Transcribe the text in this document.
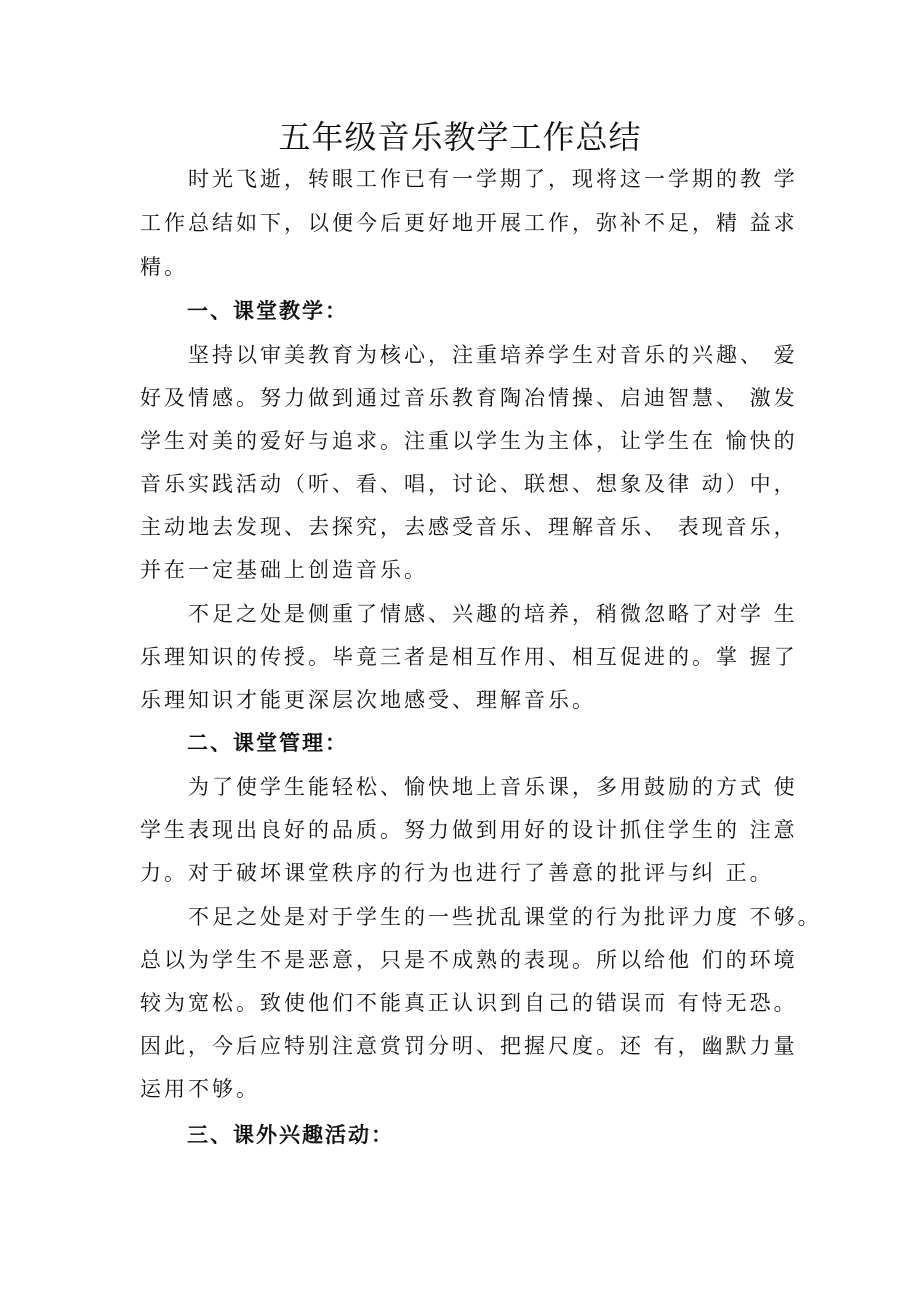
五年级音乐教学工作总结
　　时光飞逝，转眼工作已有一学期了，现将这一学期的教 学
工作总结如下，以便今后更好地开展工作，弥补不足，精 益求
精。
一、课堂教学：
　　坚持以审美教育为核心，注重培养学生对音乐的兴趣、 爱
好及情感。努力做到通过音乐教育陶冶情操、启迪智慧、 激发
学生对美的爱好与追求。注重以学生为主体，让学生在 愉快的
音乐实践活动（听、看、唱，讨论、联想、想象及律 动）中，
主动地去发现、去探究，去感受音乐、理解音乐、 表现音乐，
并在一定基础上创造音乐。
　　不足之处是侧重了情感、兴趣的培养，稍微忽略了对学 生
乐理知识的传授。毕竟三者是相互作用、相互促进的。掌 握了
乐理知识才能更深层次地感受、理解音乐。
二、课堂管理：
　　为了使学生能轻松、愉快地上音乐课，多用鼓励的方式 使
学生表现出良好的品质。努力做到用好的设计抓住学生的 注意
力。对于破坏课堂秩序的行为也进行了善意的批评与纠 正。
　　不足之处是对于学生的一些扰乱课堂的行为批评力度 不够。
总以为学生不是恶意，只是不成熟的表现。所以给他 们的环境
较为宽松。致使他们不能真正认识到自己的错误而 有恃无恐。
因此，今后应特别注意赏罚分明、把握尺度。还 有，幽默力量
运用不够。
三、课外兴趣活动：
